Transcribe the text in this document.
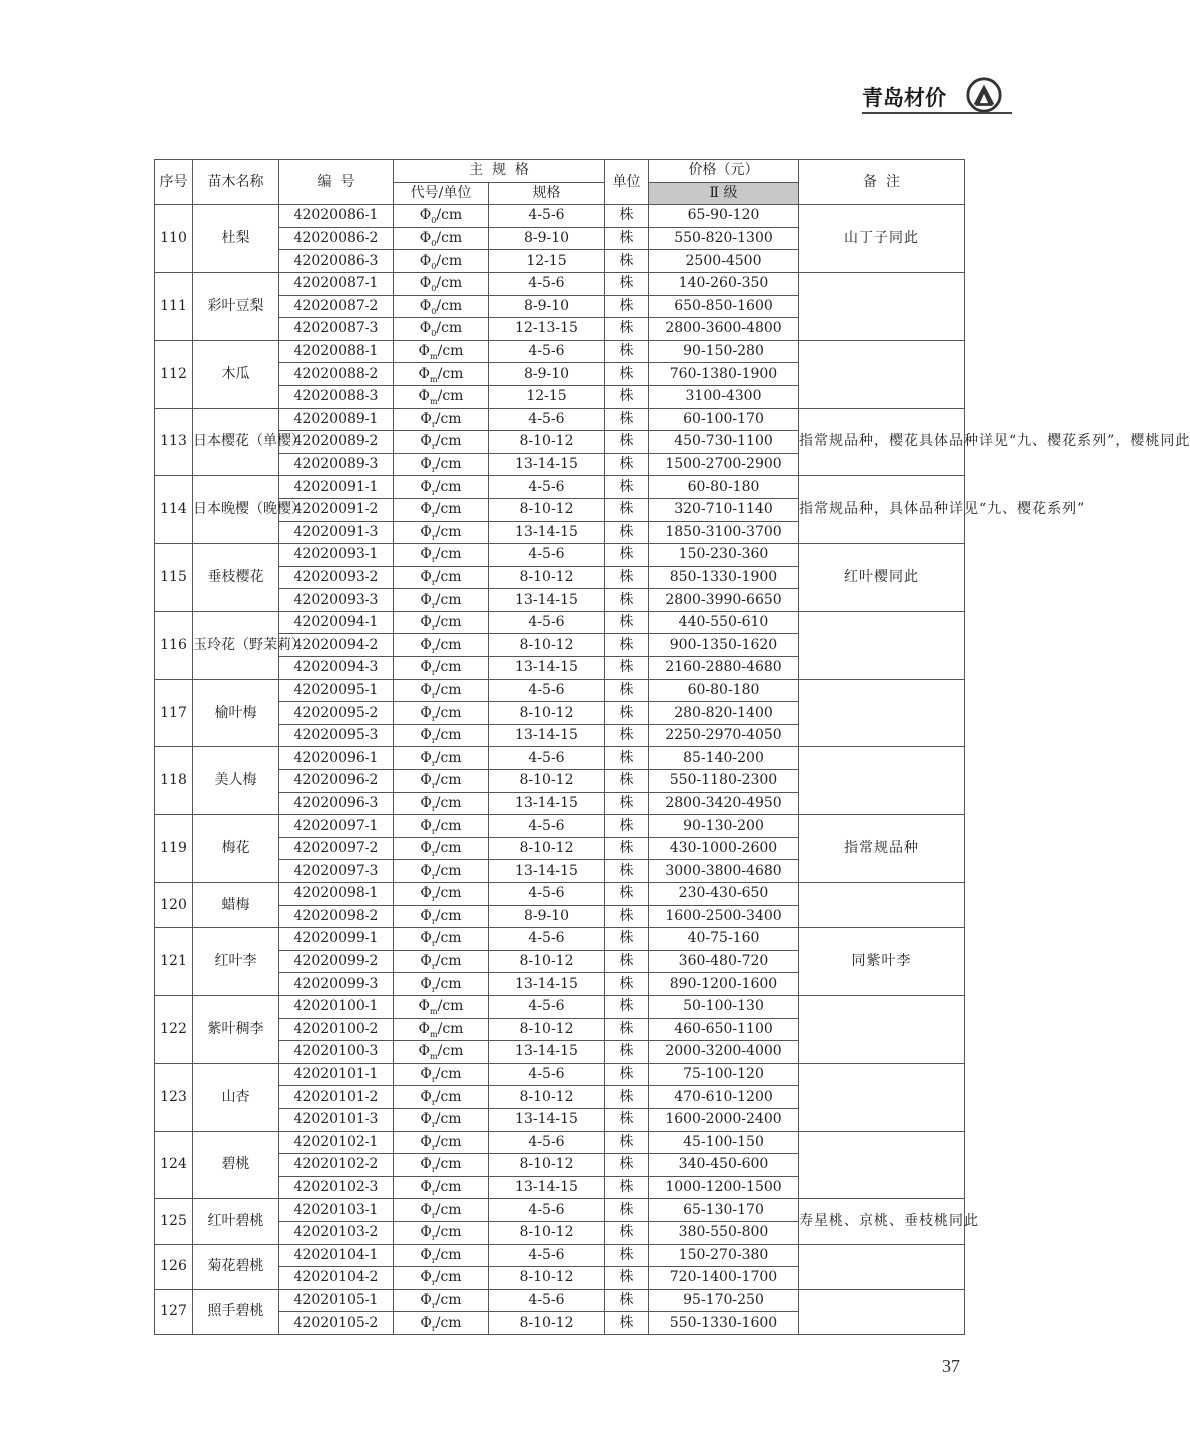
青岛材价
序号	苗木名称	编  号	主  规  格		单位	价格（元）	备  注
			代号/单位	规格		Ⅱ 级	
110	杜梨	42020086-1	$\Phi_0/cm$	4-5-6	株	65-90-120	山丁子同此
		42020086-2	$\Phi_0/cm$	8-9-10	株	550-820-1300	
		42020086-3	$\Phi_0/cm$	12-15	株	2500-4500	
111	彩叶豆梨	42020087-1	$\Phi_0/cm$	4-5-6	株	140-260-350	
		42020087-2	$\Phi_0/cm$	8-9-10	株	650-850-1600	
		42020087-3	$\Phi_0/cm$	12-13-15	株	2800-3600-4800	
112	木瓜	42020088-1	$\Phi_m/cm$	4-5-6	株	90-150-280	
		42020088-2	$\Phi_m/cm$	8-9-10	株	760-1380-1900	
		42020088-3	$\Phi_m/cm$	12-15	株	3100-4300	
113	日本樱花（单樱）	42020089-1	$\Phi_r/cm$	4-5-6	株	60-100-170	指常规品种，樱花具体品种详见“九、樱花系列”，樱桃同此
		42020089-2	$\Phi_r/cm$	8-10-12	株	450-730-1100	
		42020089-3	$\Phi_r/cm$	13-14-15	株	1500-2700-2900	
114	日本晚樱（晚樱）	42020091-1	$\Phi_r/cm$	4-5-6	株	60-80-180	指常规品种，具体品种详见“九、樱花系列”
		42020091-2	$\Phi_r/cm$	8-10-12	株	320-710-1140	
		42020091-3	$\Phi_r/cm$	13-14-15	株	1850-3100-3700	
115	垂枝樱花	42020093-1	$\Phi_r/cm$	4-5-6	株	150-230-360	红叶樱同此
		42020093-2	$\Phi_r/cm$	8-10-12	株	850-1330-1900	
		42020093-3	$\Phi_r/cm$	13-14-15	株	2800-3990-6650	
116	玉玲花（野茉莉）	42020094-1	$\Phi_r/cm$	4-5-6	株	440-550-610	
		42020094-2	$\Phi_r/cm$	8-10-12	株	900-1350-1620	
		42020094-3	$\Phi_r/cm$	13-14-15	株	2160-2880-4680	
117	榆叶梅	42020095-1	$\Phi_r/cm$	4-5-6	株	60-80-180	
		42020095-2	$\Phi_r/cm$	8-10-12	株	280-820-1400	
		42020095-3	$\Phi_r/cm$	13-14-15	株	2250-2970-4050	
118	美人梅	42020096-1	$\Phi_r/cm$	4-5-6	株	85-140-200	
		42020096-2	$\Phi_r/cm$	8-10-12	株	550-1180-2300	
		42020096-3	$\Phi_r/cm$	13-14-15	株	2800-3420-4950	
119	梅花	42020097-1	$\Phi_r/cm$	4-5-6	株	90-130-200	指常规品种
		42020097-2	$\Phi_r/cm$	8-10-12	株	430-1000-2600	
		42020097-3	$\Phi_r/cm$	13-14-15	株	3000-3800-4680	
120	蜡梅	42020098-1	$\Phi_r/cm$	4-5-6	株	230-430-650	
		42020098-2	$\Phi_r/cm$	8-9-10	株	1600-2500-3400	
121	红叶李	42020099-1	$\Phi_r/cm$	4-5-6	株	40-75-160	同紫叶李
		42020099-2	$\Phi_r/cm$	8-10-12	株	360-480-720	
		42020099-3	$\Phi_r/cm$	13-14-15	株	890-1200-1600	
122	紫叶稠李	42020100-1	$\Phi_m/cm$	4-5-6	株	50-100-130	
		42020100-2	$\Phi_m/cm$	8-10-12	株	460-650-1100	
		42020100-3	$\Phi_m/cm$	13-14-15	株	2000-3200-4000	
123	山杏	42020101-1	$\Phi_r/cm$	4-5-6	株	75-100-120	
		42020101-2	$\Phi_r/cm$	8-10-12	株	470-610-1200	
		42020101-3	$\Phi_r/cm$	13-14-15	株	1600-2000-2400	
124	碧桃	42020102-1	$\Phi_r/cm$	4-5-6	株	45-100-150	
		42020102-2	$\Phi_r/cm$	8-10-12	株	340-450-600	
		42020102-3	$\Phi_r/cm$	13-14-15	株	1000-1200-1500	
125	红叶碧桃	42020103-1	$\Phi_r/cm$	4-5-6	株	65-130-170	寿星桃、京桃、垂枝桃同此
		42020103-2	$\Phi_r/cm$	8-10-12	株	380-550-800	
126	菊花碧桃	42020104-1	$\Phi_r/cm$	4-5-6	株	150-270-380	
		42020104-2	$\Phi_r/cm$	8-10-12	株	720-1400-1700	
127	照手碧桃	42020105-1	$\Phi_r/cm$	4-5-6	株	95-170-250	
		42020105-2	$\Phi_r/cm$	8-10-12	株	550-1330-1600	
37
